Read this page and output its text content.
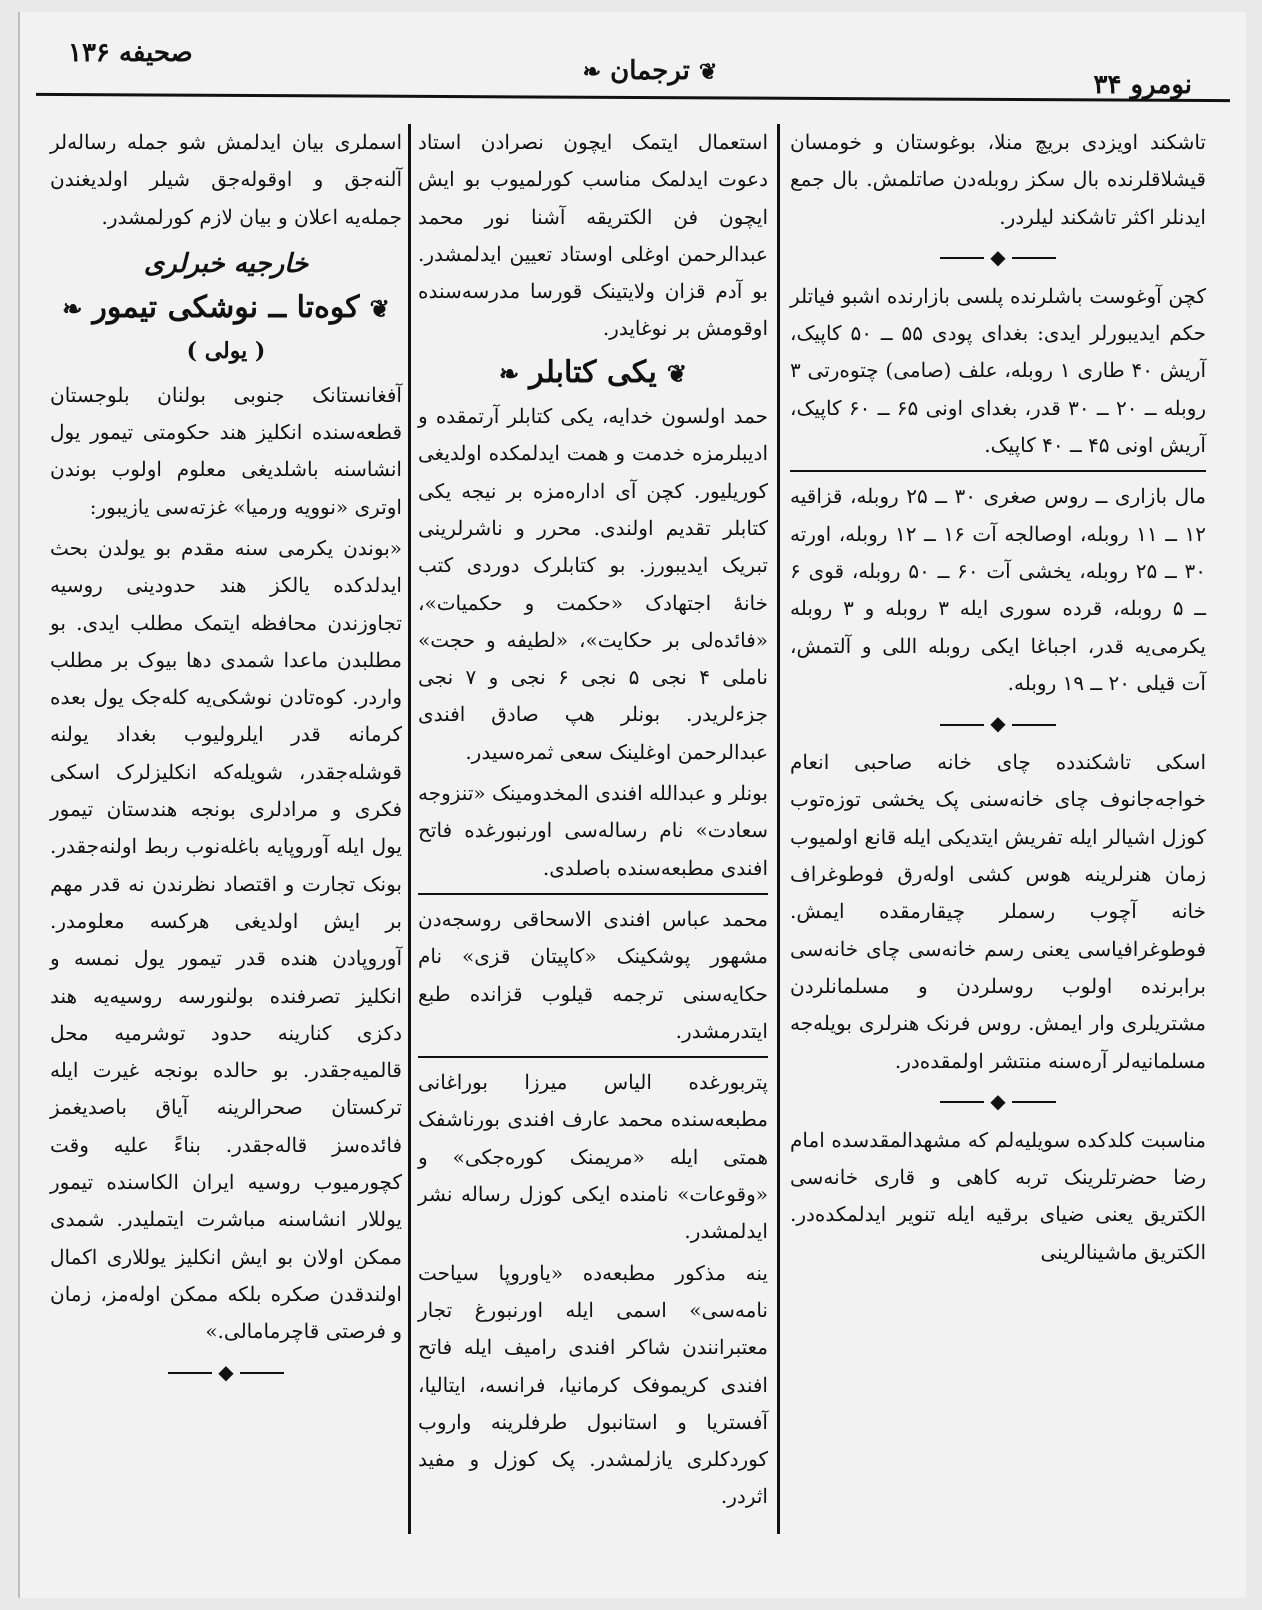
صحیفه ۱۳۶
❦ ترجمان ❧	نومرو ۳۴

تاشکند اویزدی بریچ منلا، بوغوستان و خومسان قیشلاقلرنده بال سکز روبله‌دن صاتلمش. بال جمع ایدنلر اکثر تاشکند لیلردر.

◆

کچن آوغوست باشلرنده پلسی بازارنده اشبو فیاتلر حکم ایدیبورلر ایدی: بغدای پودی ۵۵ ــ ۵۰ کاپیک، آریش ۴۰ طاری ۱ روبله، علف (صامی) چتوه‌رتی ۳ روبله ــ ۲۰ ــ ۳۰ قدر، بغدای اونی ۶۵ ــ ۶۰ کاپیک، آریش اونی ۴۵ ــ ۴۰ کاپیک.

مال بازاری ــ روس صغری ۳۰ ــ ۲۵ روبله، قزاقیه ۱۲ ــ ۱۱ روبله، اوصالجه آت ۱۶ ــ ۱۲ روبله، اورته ۳۰ ــ ۲۵ روبله، یخشی آت ۶۰ ــ ۵۰ روبله، قوی ۶ ــ ۵ روبله، قرده سوری ایله ۳ روبله و ۳ روبله یکرمی‌یه قدر، اجباغا ایکی روبله اللی و آلتمش، آت قیلی ۲۰ ــ ۱۹ روبله.

◆

اسکی تاشکندده چای خانه صاحبی انعام خواجه‌جانوف چای خانه‌سنی پک یخشی توزه‌توب کوزل اشیالر ایله تفریش ایتدیکی ایله قانع اولمیوب زمان هنرلرینه هوس کشی اوله‌رق فوطوغراف خانه آچوب رسملر چیقارمقده ایمش. فوطوغرافیاسی یعنی رسم خانه‌سی چای خانه‌سی برابرنده اولوب روسلردن و مسلمانلردن مشتریلری وار ایمش. روس فرنک هنرلری بویله‌جه مسلمانیه‌لر آره‌سنه منتشر اولمقده‌در.

◆

مناسبت کلدکده سویلیه‌لم که مشهدالمقدسده امام رضا حضرتلرینک تربه کاهی و قاری خانه‌سی الکتریق یعنی ضیای برقیه ایله تنویر ایدلمکده‌در. الکتریق ماشینالرینی

استعمال ایتمک ایچون نصرادن استاد دعوت ایدلمک مناسب کورلمیوب بو ایش ایچون فن الکتریقه آشنا نور محمد عبدالرحمن اوغلی اوستاد تعیین ایدلمشدر. بو آدم قزان ولایتینک قورسا مدرسه‌سنده اوقومش بر نوغایدر.

❦یکی کتابلر❧

حمد اولسون خدایه، یکی کتابلر آرتمقده و ادیبلرمزه خدمت و همت ایدلمکده اولدیغی کوریلیور. کچن آی ادارەمزه بر نیجه یکی کتابلر تقدیم اولندی. محرر و ناشرلرینی تبریک ایدیبورز. بو کتابلرک دوردی کتب خانهٔ اجتهادک «حکمت و حکمیات»، «فائده‌لی بر حکایت»، «لطیفه و حجت» ناملی ۴ نجی ۵ نجی ۶ نجی و ۷ نجی جزءلریدر. بونلر هپ صادق افندی عبدالرحمن اوغلینک سعی ثمره‌سیدر.

بونلر و عبدالله افندی المخدومینک «تنزوجه سعادت» نام رساله‌سی اورنبورغده فاتح افندی مطبعه‌سنده باصلدی.

محمد عباس افندی الاسحاقی روسجه‌دن مشهور پوشکینک «کاپیتان قزی» نام حکایه‌سنی ترجمه قیلوب قزانده طبع ایتدرمشدر.

پتربورغده الیاس میرزا بوراغانی مطبعه‌سنده محمد عارف افندی بورناشفک همتی ایله «مریمنک کوره‌جکی» و «وقوعات» نامنده ایکی کوزل رساله نشر ایدلمشدر.

ینه مذکور مطبعه‌ده «یاوروپا سیاحت نامه‌سی» اسمی ایله اورنبورغ تجار معتبرانندن شاکر افندی رامیف ایله فاتح افندی کریموفک کرمانیا، فرانسه، ایتالیا، آفستریا و استانبول طرفلرینه واروب کوردکلری یازلمشدر. پک کوزل و مفید اثردر.

اسملری بیان ایدلمش شو جمله رساله‌لر آلنه‌جق و اوقوله‌جق شیلر اولدیغندن جمله‌یه اعلان و بیان لازم کورلمشدر.

خارجیه خبرلری
❦کوه‌تا ــ نوشکی تیمور❧
( یولی )

آفغانستانک جنوبی بولنان بلوجستان قطعه‌سنده انکلیز هند حکومتی تیمور یول انشاسنه باشلدیغی معلوم اولوب بوندن اوتری «نوویه ورمیا» غزته‌سی یازیبور:

«بوندن یکرمی سنه مقدم بو یولدن بحث ایدلدکده یالکز هند حدودینی روسیه تجاوزندن محافظه ایتمک مطلب ایدی. بو مطلبدن ماعدا شمدی دها بیوک بر مطلب واردر. کوه‌تادن نوشکی‌یه کله‌جک یول بعده کرمانه قدر ایلرولیوب بغداد یولنه قوشله‌جقدر، شویله‌که انکلیزلرک اسکی فکری و مرادلری بونجه هندستان تیمور یول ایله آوروپایه باغله‌نوب ربط اولنه‌جقدر. بونک تجارت و اقتصاد نظرندن نه قدر مهم بر ایش اولدیغی هرکسه معلومدر. آوروپادن هندە قدر تیمور یول نمسه و انکلیز تصرفنده بولنورسه روسیه‌یه هند دکزی کنارینه حدود توشرمیه محل قالمیه‌جقدر. بو حالده بونجه غیرت ایله ترکستان صحرالرینه آیاق باصدیغمز فائده‌سز قاله‌جقدر. بناءً علیه وقت کچورمیوب روسیه ایران الکاسنده تیمور یوللار انشاسنه مباشرت ایتملیدر. شمدی ممکن اولان بو ایش انکلیز یوللاری اکمال اولندقدن صکره بلکه ممکن اوله‌مز، زمان و فرصتی قاچرمامالی.»

◆
